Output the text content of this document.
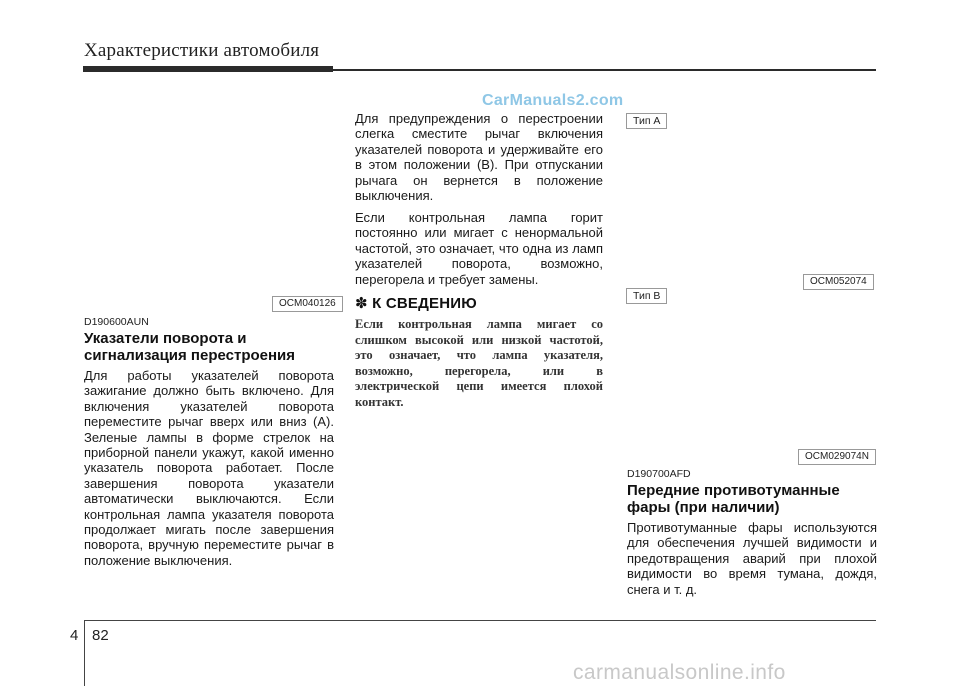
Характеристики автомобиля
CarManuals2.com
OCM040126
D190600AUN
Указатели поворота и сигнализация перестроения
Для работы указателей поворота зажигание должно быть включено. Для включения указателей поворота переместите рычаг вверх или вниз (A). Зеленые лампы в форме стрелок на приборной панели укажут, какой именно указатель поворота работает. После завершения поворота указатели автоматически выключаются. Если контрольная лампа указателя поворота продолжает мигать после завершения поворота, вручную переместите рычаг в положение выключения.
Для предупреждения о перестроении слегка сместите рычаг включения указателей поворота и удерживайте его в этом положении (B). При отпускании рычага он вернется в положение выключения.
Если контрольная лампа горит постоянно или мигает с ненормальной частотой, это означает, что одна из ламп указателей поворота, возможно, перегорела и требует замены.
✽ К СВЕДЕНИЮ
Если контрольная лампа мигает со слишком высокой или низкой частотой, это означает, что лампа указателя, возможно, перегорела, или в электрической цепи имеется плохой контакт.
Тип A
OCM052074
Тип B
OCM029074N
D190700AFD
Передние противотуманные фары (при наличии)
Противотуманные фары используются для обеспечения лучшей видимости и предотвращения аварий при плохой видимости во время тумана, дождя, снега и т. д.
4 82
carmanualsonline.info
